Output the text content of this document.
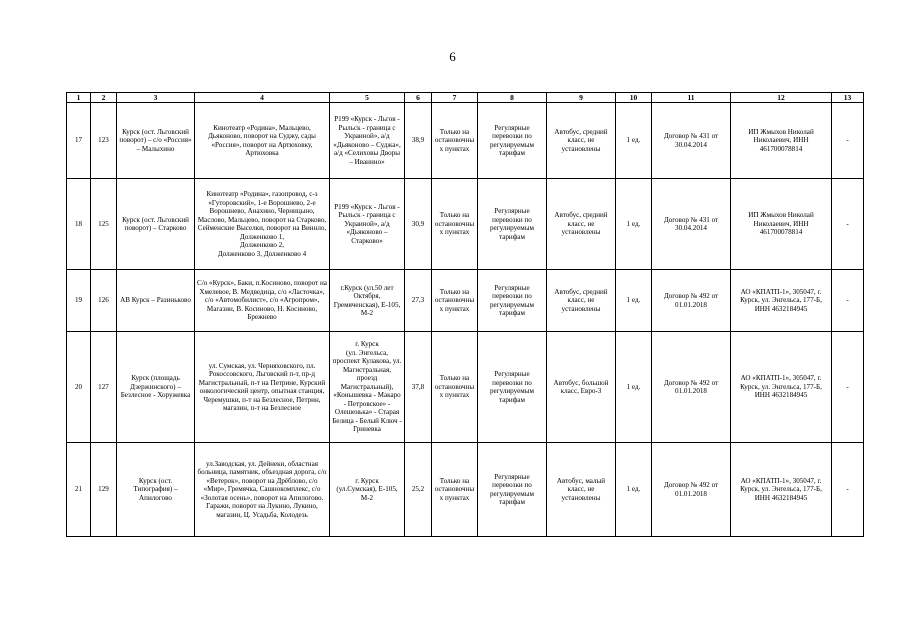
6
1	2	3	4	5	6	7	8	9	10	11	12	13
17	123	Курск (ост. Льговский поворот) – с/о «Россия» – Малыхино	Кинотеатр «Родина», Мальцево, Дьяконово, поворот на Суджу, сады «Россия», поворот на Артюховку, Артюховка	Р199 «Курск - Льгов - Рыльск - граница с Украиной», а/д «Дьяконово – Суджа», а/д «Селиховы Дворы – Иванино»	38,9	Только на остановочных пунктах	Регулярные перевозки по регулируемым тарифам	Автобус, средний класс, не установлены	1 ед.	Договор № 431 от 30.04.2014	ИП Жмыхов Николай Николаевич, ИНН 461700078814	-
18	125	Курск (ост. Льговский поворот) – Старково	Кинотеатр «Родина», газопровод, с-з «Гуторовский», 1-е Ворошнево, 2-е Ворошнево, Анахино, Черницыно, Маслово, Мальцево, поворот на Старково, Сейменские Выселки, поворот на Виннло, Долженково 1,
Долженково 2,
Долженково 3, Долженково 4	Р199 «Курск - Льгов - Рыльск - граница с Украиной», а/д «Дьяконово – Старково»	30,9	Только на остановочных пунктах	Регулярные перевозки по регулируемым тарифам	Автобус, средний класс, не установлены	1 ед.	Договор № 431 от 30.04.2014	ИП Жмыхов Николай Николаевич, ИНН 461700078814	-
19	126	АВ Курск – Разиньково	С/о «Курск», Баки, п.Косиново, поворот на Хмелевое, В. Медведица, с/о «Ласточка», с/о «Автомобилист», с/о «Агропром», Магазин, В. Косиново, Н. Косиново, Брежнево	г.Курск (ул.50 лет Октября, Гремяченская), Е-105, М-2	27,3	Только на остановочных пунктах	Регулярные перевозки по регулируемым тарифам	Автобус, средний класс, не установлены	1 ед.	Договор № 492 от 01.01.2018	АО «КПАТП-1», 305047, г. Курск, ул. Энгельса, 177-Б, ИНН 4632184945	-
20	127	Курск (площадь Дзержинского) – Безлесное - Хоружевка	ул. Сумская, ул. Черняховского, пл. Рокоссовского, Льговский п-т, пр-д Магистральный, п-т на Петрине, Курский онкологический центр, опытная станция, Черемушки, п-т на Безлесное, Петрин, магазин, п-т на Безлесное	г. Курск
(ул. Энгельса, проспект Кулакова, ул. Магистральная, проезд Магистральный), «Конышевка - Макаро - Петровское» - Олешенька» - Старая Белица - Белый Ключ - Гриневка	37,8	Только на остановочных пунктах	Регулярные перевозки по регулируемым тарифам	Автобус, большой класс, Евро-3	1 ед.	Договор № 492 от 01.01.2018	АО «КПАТП-1», 305047, г. Курск, ул. Энгельса, 177-Б, ИНН 4632184945	-
21	129	Курск (ост. Типография) – Апилогово	ул.Заводская, ул. Дейнеки, областная больница, памятник, объездная дорога, с/о «Ветерок», поворот на Дрёблово, с/о «Мир», Гремячка, Сашнокомплекс, с/о «Золотая осень», поворот на Апилогово. Гаражи, поворот на Лукино, Лукино, магазин, Ц. Усадьба, Колодезь	г. Курск
(ул.Сумская), Е-105, М-2	25,2	Только на остановочных пунктах	Регулярные перевозки по регулируемым тарифам	Автобус, малый класс, не установлены	1 ед.	Договор № 492 от 01.01.2018	АО «КПАТП-1», 305047, г. Курск, ул. Энгельса, 177-Б, ИНН 4632184945	-
